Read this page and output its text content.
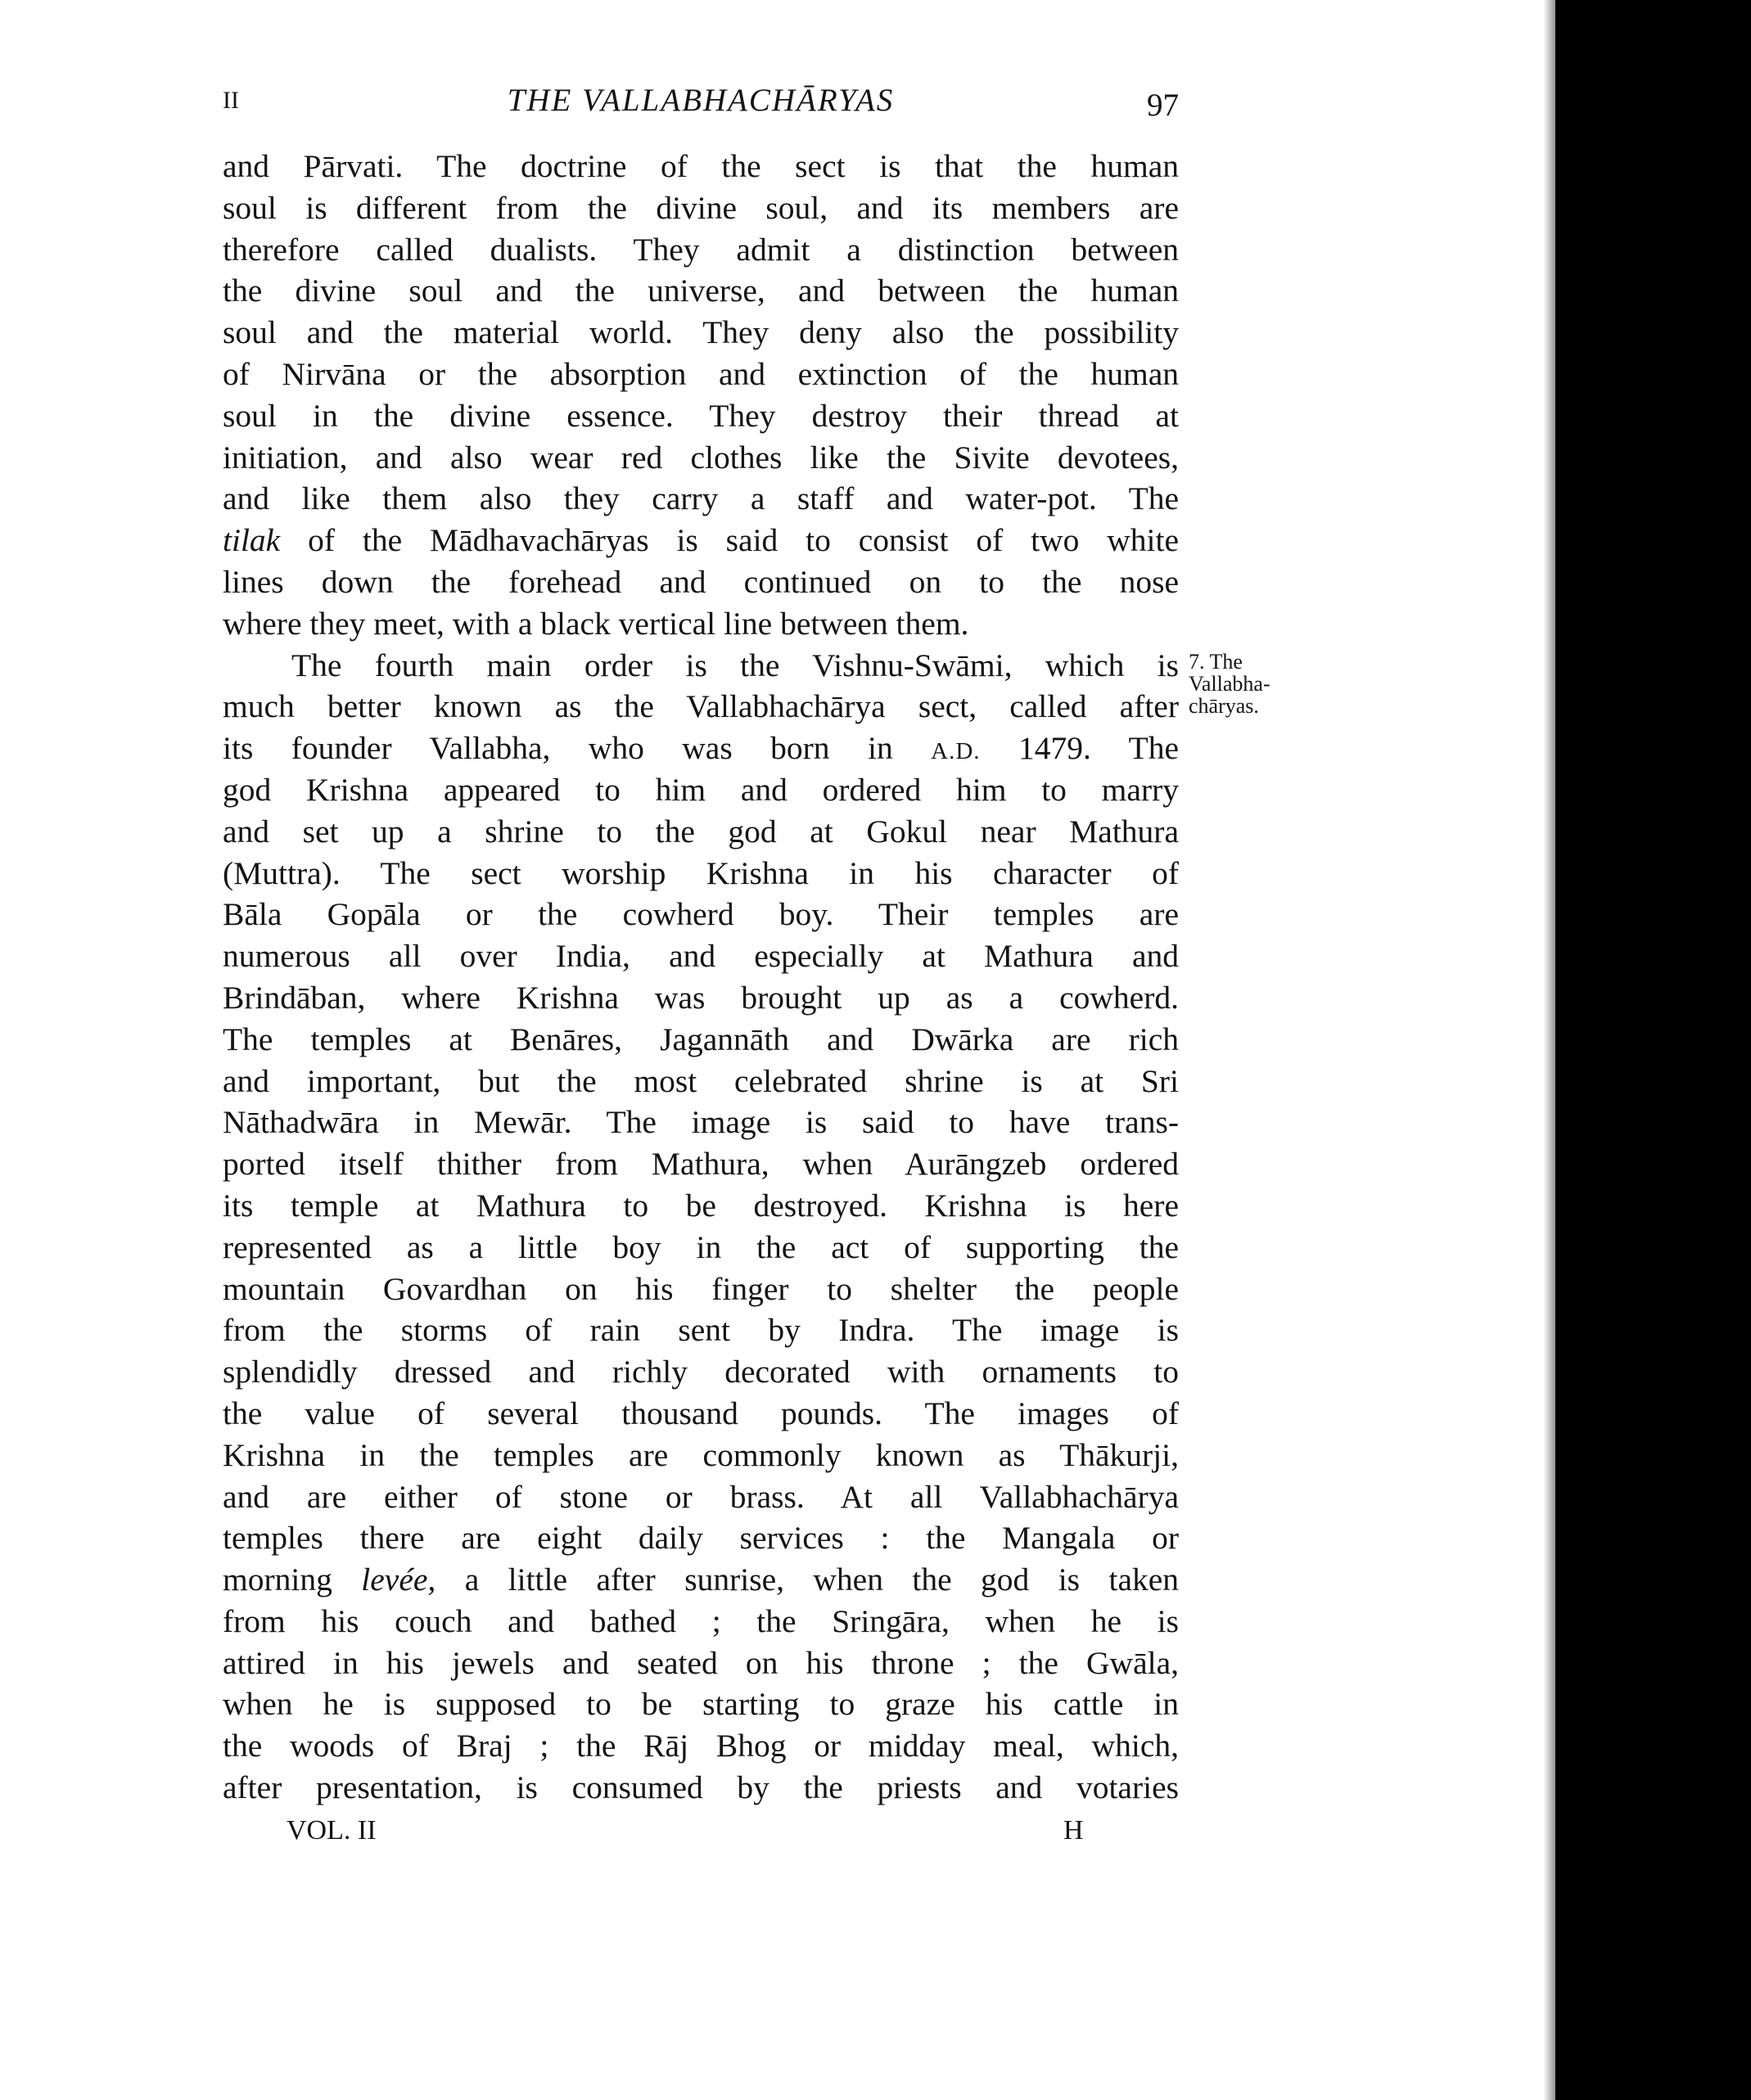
II	THE VALLABHACHĀRYAS	97
and Pārvati. The doctrine of the sect is that the human
soul is different from the divine soul, and its members are
therefore called dualists. They admit a distinction between
the divine soul and the universe, and between the human
soul and the material world. They deny also the possibility
of Nirvāna or the absorption and extinction of the human
soul in the divine essence. They destroy their thread at
initiation, and also wear red clothes like the Sivite devotees,
and like them also they carry a staff and water-pot. The
tilak of the Mādhavachāryas is said to consist of two white
lines down the forehead and continued on to the nose
where they meet, with a black vertical line between them.
The fourth main order is the Vishnu-Swāmi, which is
much better known as the Vallabhachārya sect, called after
its founder Vallabha, who was born in A.D. 1479. The
god Krishna appeared to him and ordered him to marry
and set up a shrine to the god at Gokul near Mathura
(Muttra). The sect worship Krishna in his character of
Bāla Gopāla or the cowherd boy. Their temples are
numerous all over India, and especially at Mathura and
Brindāban, where Krishna was brought up as a cowherd.
The temples at Benāres, Jagannāth and Dwārka are rich
and important, but the most celebrated shrine is at Sri
Nāthadwāra in Mewār. The image is said to have trans-
ported itself thither from Mathura, when Aurāngzeb ordered
its temple at Mathura to be destroyed. Krishna is here
represented as a little boy in the act of supporting the
mountain Govardhan on his finger to shelter the people
from the storms of rain sent by Indra. The image is
splendidly dressed and richly decorated with ornaments to
the value of several thousand pounds. The images of
Krishna in the temples are commonly known as Thākurji,
and are either of stone or brass. At all Vallabhachārya
temples there are eight daily services : the Mangala or
morning levée, a little after sunrise, when the god is taken
from his couch and bathed ; the Sringāra, when he is
attired in his jewels and seated on his throne ; the Gwāla,
when he is supposed to be starting to graze his cattle in
the woods of Braj ; the Rāj Bhog or midday meal, which,
after presentation, is consumed by the priests and votaries
7. The
Vallabha-
chāryas.
VOL. II	H
